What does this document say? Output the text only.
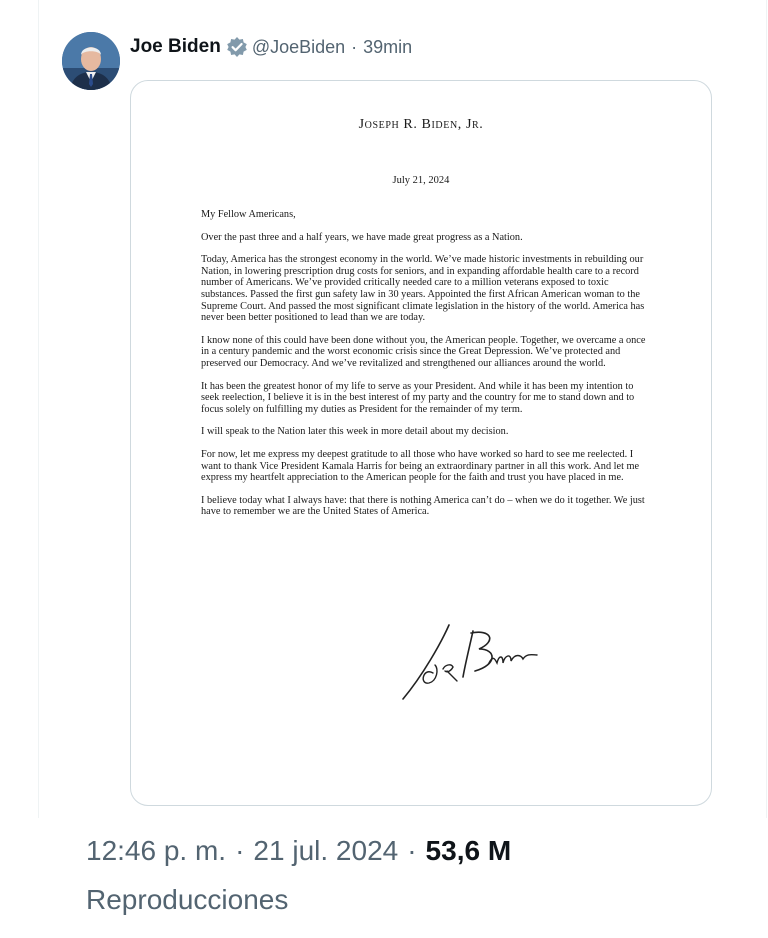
Joe Biden @JoeBiden · 39min
Joseph R. Biden, Jr.
July 21, 2024

My Fellow Americans,

Over the past three and a half years, we have made great progress as a Nation.

Today, America has the strongest economy in the world. We’ve made historic investments in rebuilding our Nation, in lowering prescription drug costs for seniors, and in expanding affordable health care to a record number of Americans. We’ve provided critically needed care to a million veterans exposed to toxic substances. Passed the first gun safety law in 30 years. Appointed the first African American woman to the Supreme Court. And passed the most significant climate legislation in the history of the world. America has never been better positioned to lead than we are today.

I know none of this could have been done without you, the American people. Together, we overcame a once in a century pandemic and the worst economic crisis since the Great Depression. We’ve protected and preserved our Democracy. And we’ve revitalized and strengthened our alliances around the world.

It has been the greatest honor of my life to serve as your President. And while it has been my intention to seek reelection, I believe it is in the best interest of my party and the country for me to stand down and to focus solely on fulfilling my duties as President for the remainder of my term.

I will speak to the Nation later this week in more detail about my decision.

For now, let me express my deepest gratitude to all those who have worked so hard to see me reelected. I want to thank Vice President Kamala Harris for being an extraordinary partner in all this work. And let me express my heartfelt appreciation to the American people for the faith and trust you have placed in me.

I believe today what I always have: that there is nothing America can’t do – when we do it together. We just have to remember we are the United States of America.

12:46 p. m. · 21 jul. 2024 · 53,6 M
Reproducciones
